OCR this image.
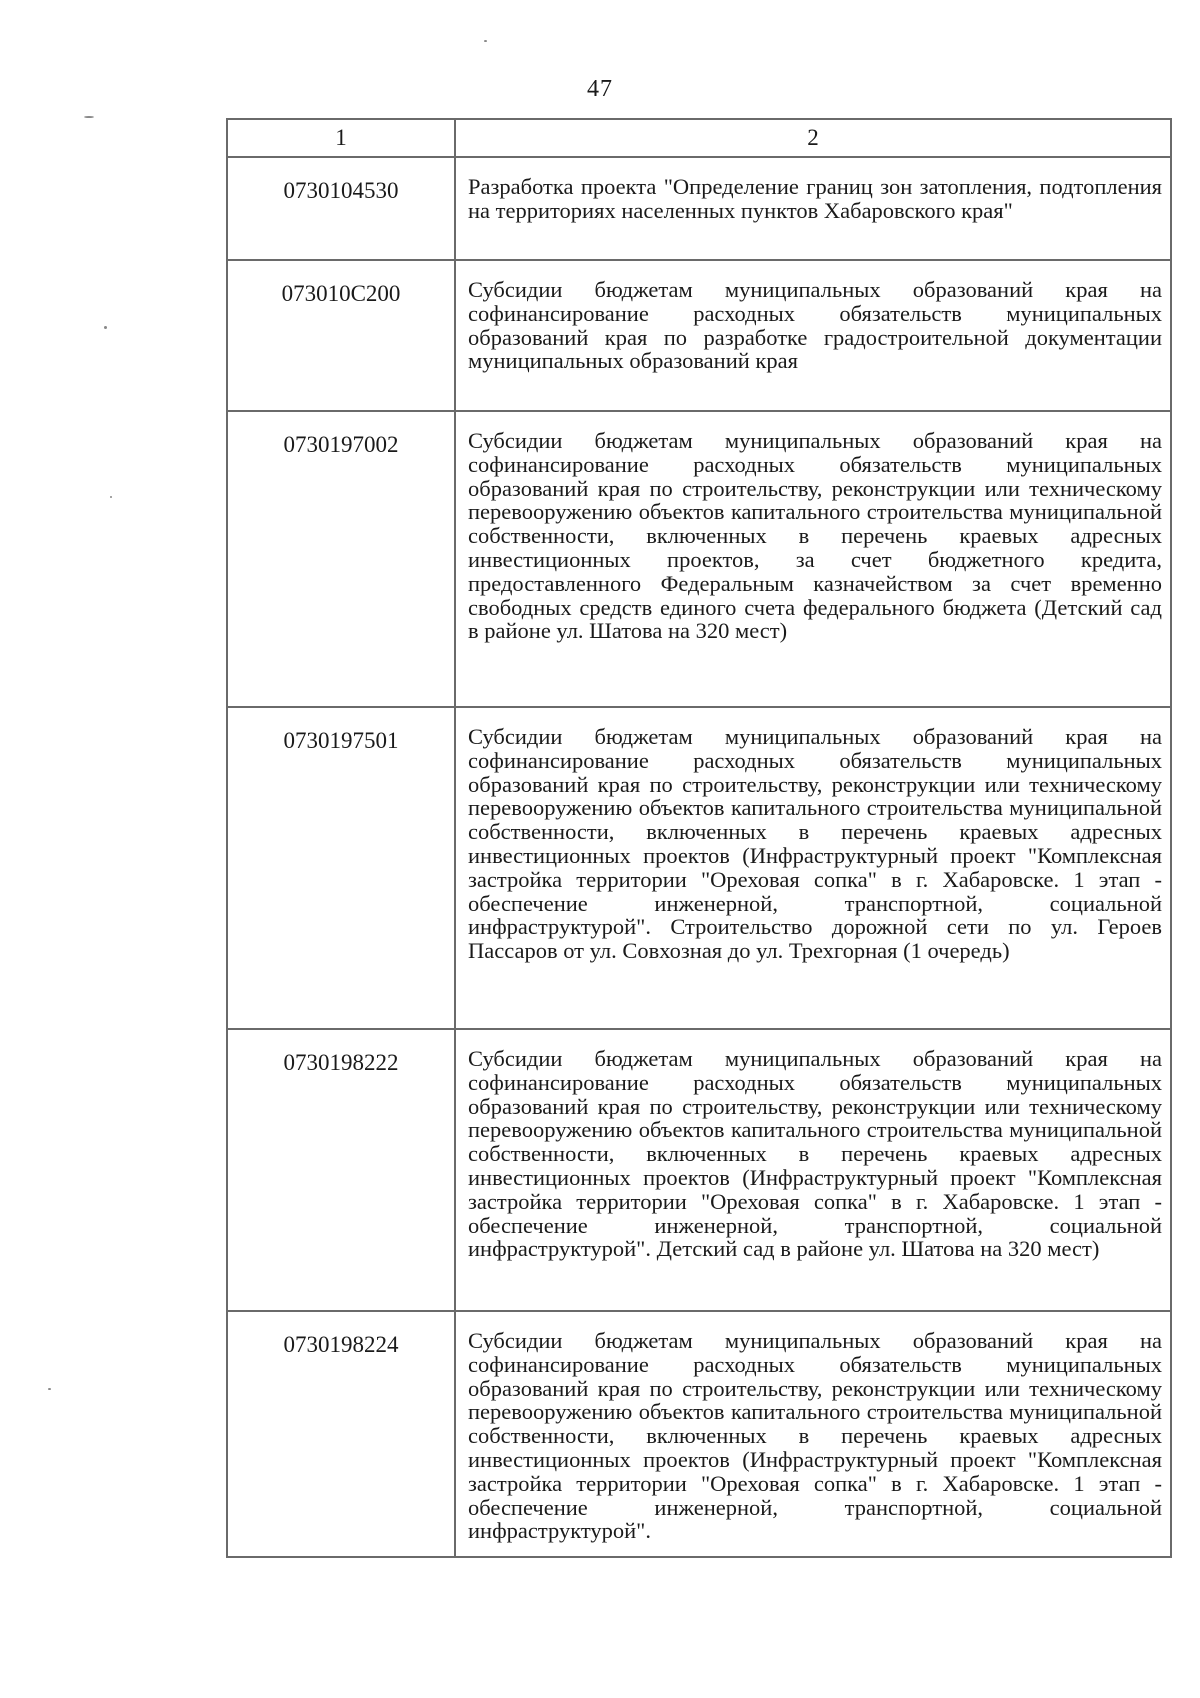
47
1	2
0730104530	Разработка проекта "Определение границ зон затопления, подтопления на территориях населенных пунктов Хабаровского края"
073010С200	Субсидии бюджетам муниципальных образований края на софинансирование расходных обязательств муниципальных образований края по разработке градостроительной документации муниципальных образований края
0730197002	Субсидии бюджетам муниципальных образований края на софинансирование расходных обязательств муниципальных образований края по строительству, реконструкции или техническому перевооружению объектов капитального строительства муниципальной собственности, включенных в перечень краевых адресных инвестиционных проектов, за счет бюджетного кредита, предоставленного Федеральным казначейством за счет временно свободных средств единого счета федерального бюджета (Детский сад в районе ул. Шатова на 320 мест)
0730197501	Субсидии бюджетам муниципальных образований края на софинансирование расходных обязательств муниципальных образований края по строительству, реконструкции или техническому перевооружению объектов капитального строительства муниципальной собственности, включенных в перечень краевых адресных инвестиционных проектов (Инфраструктурный проект "Комплексная застройка территории "Ореховая сопка" в г. Хабаровске. 1 этап - обеспечение инженерной, транспортной, социальной инфраструктурой". Строительство дорожной сети по ул. Героев Пассаров от ул. Совхозная до ул. Трехгорная (1 очередь)
0730198222	Субсидии бюджетам муниципальных образований края на софинансирование расходных обязательств муниципальных образований края по строительству, реконструкции или техническому перевооружению объектов капитального строительства муниципальной собственности, включенных в перечень краевых адресных инвестиционных проектов (Инфраструктурный проект "Комплексная застройка территории "Ореховая сопка" в г. Хабаровске. 1 этап - обеспечение инженерной, транспортной, социальной инфраструктурой". Детский сад в районе ул. Шатова на 320 мест)
0730198224	Субсидии бюджетам муниципальных образований края на софинансирование расходных обязательств муниципальных образований края по строительству, реконструкции или техническому перевооружению объектов капитального строительства муниципальной собственности, включенных в перечень краевых адресных инвестиционных проектов (Инфраструктурный проект "Комплексная застройка территории "Ореховая сопка" в г. Хабаровске. 1 этап - обеспечение инженерной, транспортной, социальной инфраструктурой".
